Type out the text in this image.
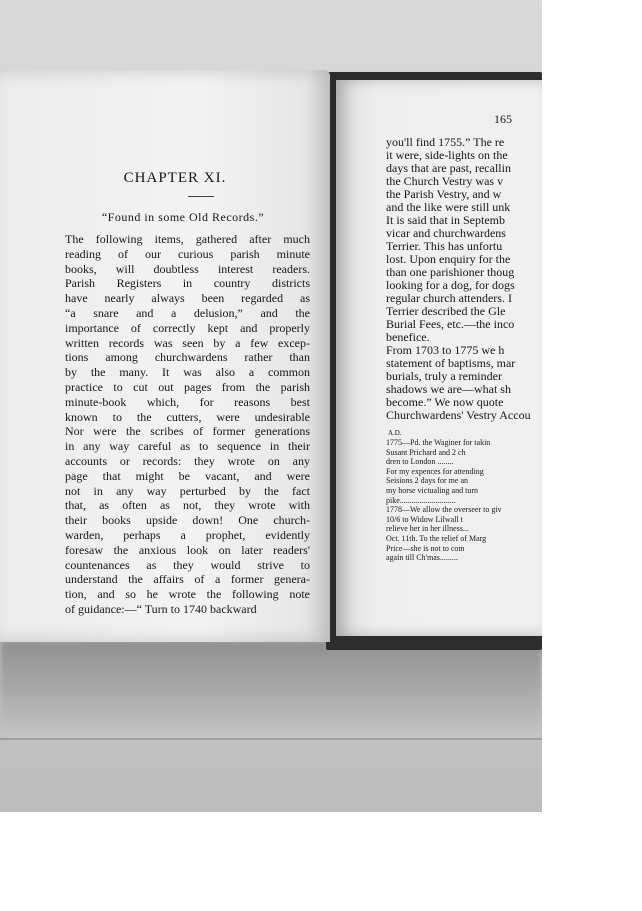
CHAPTER XI.
“Found in some Old Records.”
The following items, gathered after much
reading of our curious parish minute
books, will doubtless interest readers.
Parish Registers in country districts
have nearly always been regarded as
“a snare and a delusion,” and the
importance of correctly kept and properly
written records was seen by a few excep-
tions among churchwardens rather than
by the many. It was also a common
practice to cut out pages from the parish
minute-book which, for reasons best
known to the cutters, were undesirable
Nor were the scribes of former generations
in any way careful as to sequence in their
accounts or records: they wrote on any
page that might be vacant, and were
not in any way perturbed by the fact
that, as often as not, they wrote with
their books upside down! One church-
warden, perhaps a prophet, evidently
foresaw the anxious look on later readers'
countenances as they would strive to
understand the affairs of a former genera-
tion, and so he wrote the following note
of guidance:—“ Turn to 1740 backward
165
you'll find 1755.” The re
it were, side-lights on the
days that are past, recallin
the Church Vestry was v
the Parish Vestry, and w
and the like were still unk
It is said that in Septemb
vicar and churchwardens
Terrier. This has unfortu
lost. Upon enquiry for the
than one parishioner thoug
looking for a dog, for dogs
regular church attenders. I
Terrier described the Gle
Burial Fees, etc.—the inco
benefice.
From 1703 to 1775 we h
statement of baptisms, mar
burials, truly a reminder
shadows we are—what sh
become.” We now quote
Churchwardens' Vestry Accou
A.D.
1775—Pd. the Waginer for takin
Susant Prichard and 2 ch
dren to London ........
For my expences for attending
Seisions 2 days for me an
my horse victualing and turn
pike............................
1778—We allow the overseer to giv
10/6 to Widow Lilwall t
relieve her in her illness...
Oct. 11th. To the relief of Marg
Price—she is not to com
again till Ch'mas.........
